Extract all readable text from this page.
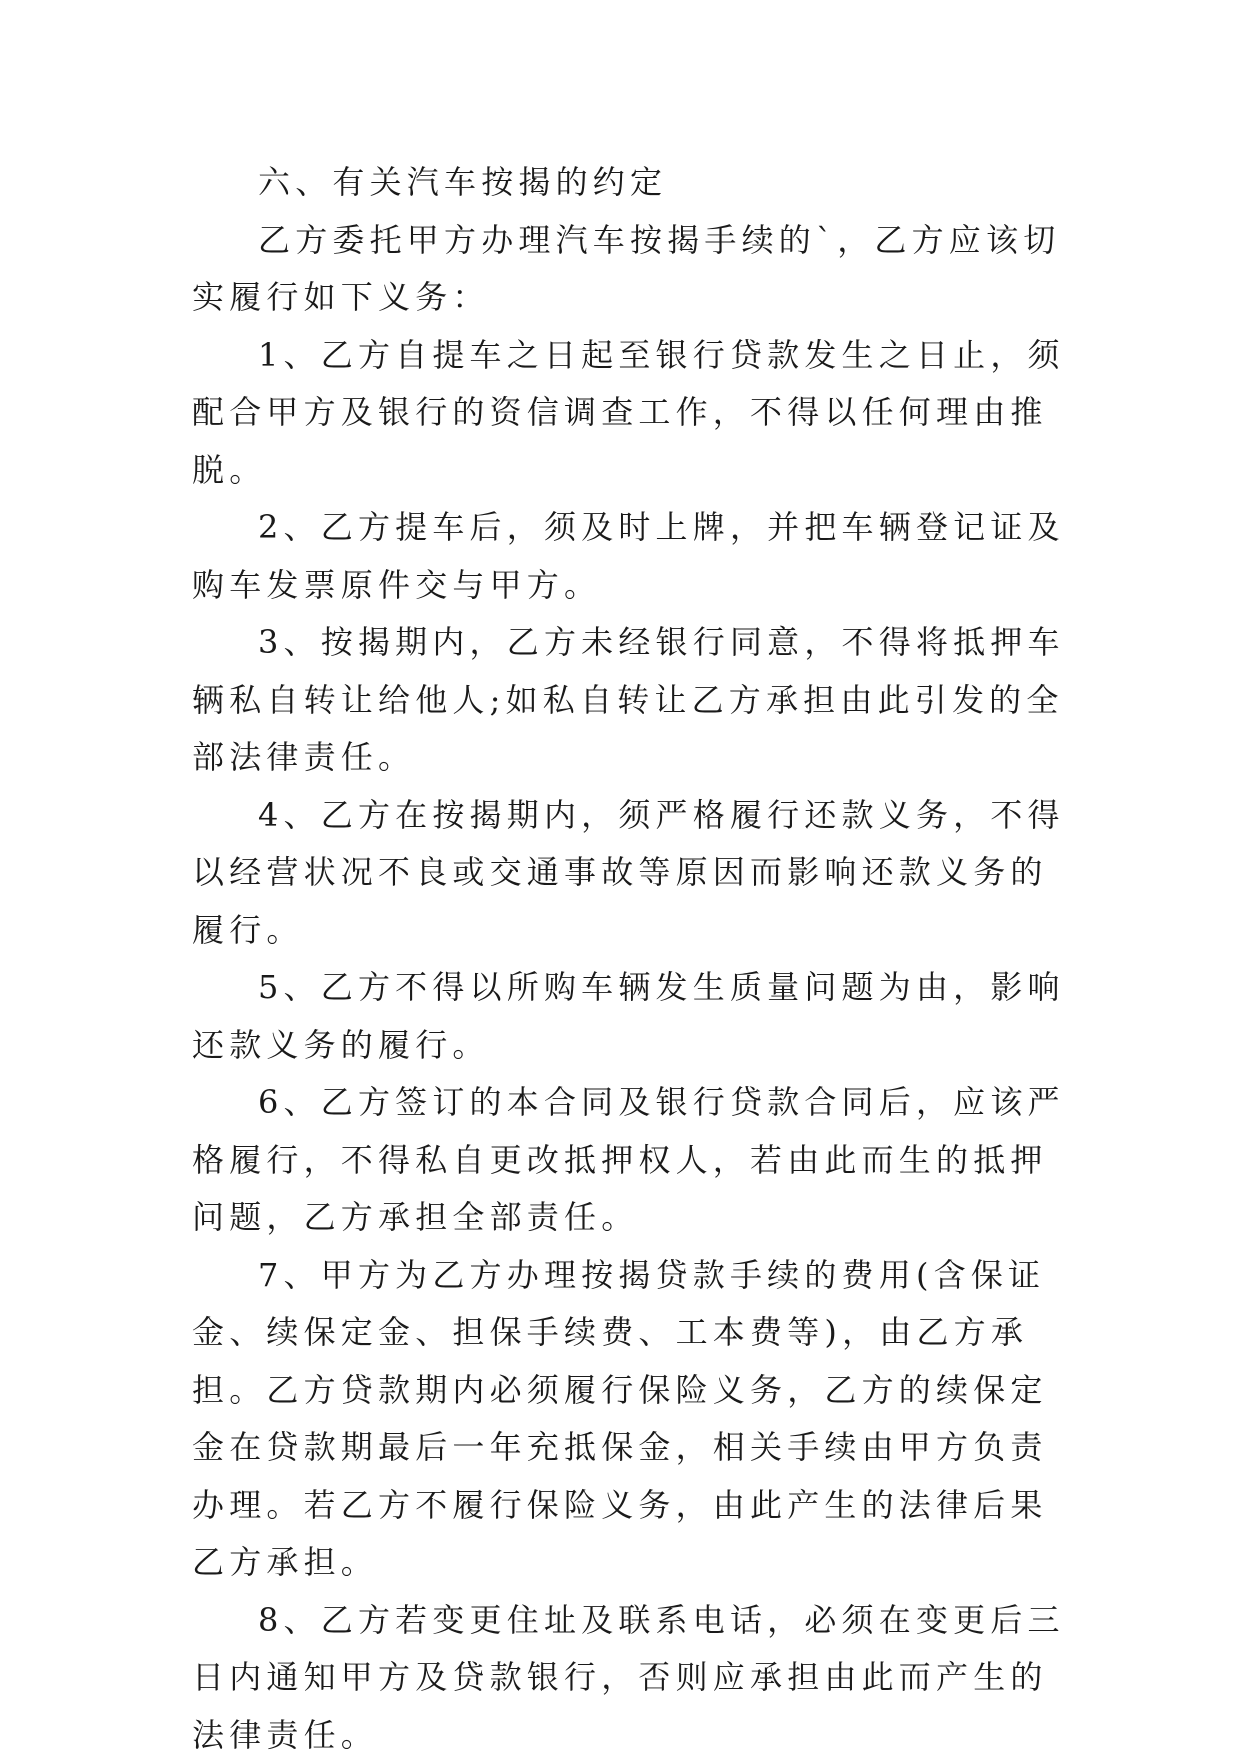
六、有关汽车按揭的约定

乙方委托甲方办理汽车按揭手续的`，乙方应该切实履行如下义务：

1、乙方自提车之日起至银行贷款发生之日止，须配合甲方及银行的资信调查工作，不得以任何理由推脱。

2、乙方提车后，须及时上牌，并把车辆登记证及购车发票原件交与甲方。

3、按揭期内，乙方未经银行同意，不得将抵押车辆私自转让给他人;如私自转让乙方承担由此引发的全部法律责任。

4、乙方在按揭期内，须严格履行还款义务，不得以经营状况不良或交通事故等原因而影响还款义务的履行。

5、乙方不得以所购车辆发生质量问题为由，影响还款义务的履行。

6、乙方签订的本合同及银行贷款合同后，应该严格履行，不得私自更改抵押权人，若由此而生的抵押问题，乙方承担全部责任。

7、甲方为乙方办理按揭贷款手续的费用(含保证金、续保定金、担保手续费、工本费等)，由乙方承担。乙方贷款期内必须履行保险义务，乙方的续保定金在贷款期最后一年充抵保金，相关手续由甲方负责办理。若乙方不履行保险义务，由此产生的法律后果乙方承担。

8、乙方若变更住址及联系电话，必须在变更后三日内通知甲方及贷款银行，否则应承担由此而产生的法律责任。
